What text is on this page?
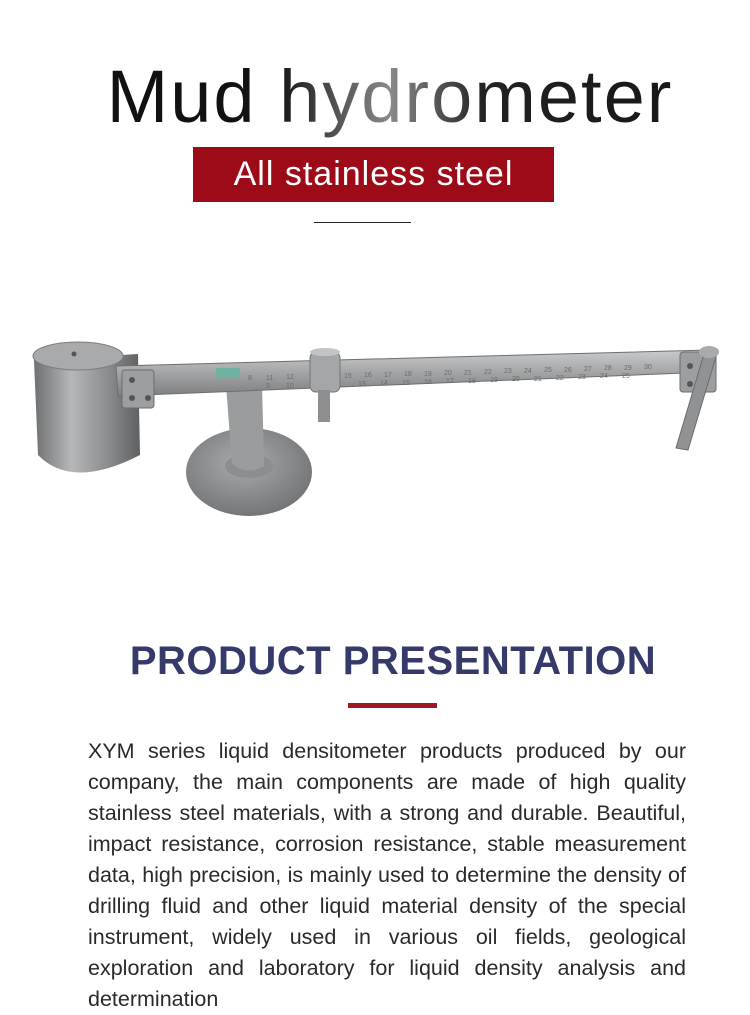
Mud hydrometer
All stainless steel
8 11 12	15 16 17 18 19 20 21 22 23 24 25 26 27 28 29 30
9 10	13 14 15 16 17 18 19 20 21 22 23 24 25
PRODUCT PRESENTATION

XYM series liquid densitometer products produced by our company, the main components are made of high quality stainless steel materials, with a strong and durable. Beautiful, impact resistance, corrosion resistance, stable measurement data, high precision, is mainly used to determine the density of drilling fluid and other liquid material density of the special instrument, widely used in various oil fields, geological exploration and laboratory for liquid density analysis and determination
